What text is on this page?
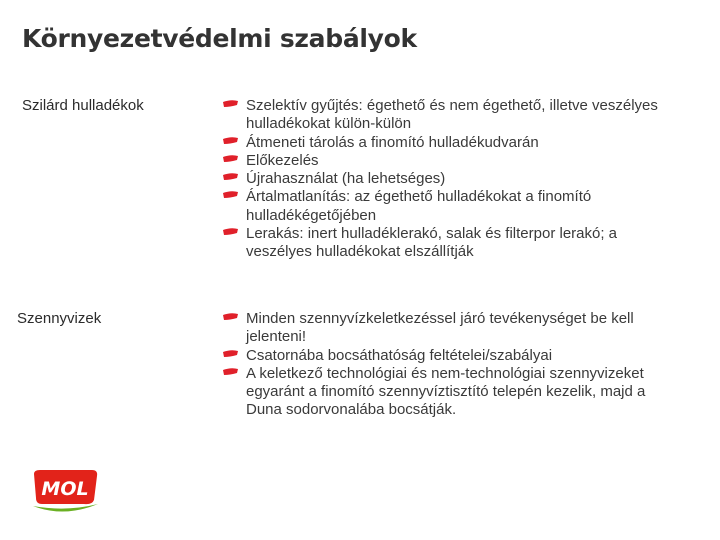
Környezetvédelmi szabályok
Szilárd hulladékok	Szelektív gyűjtés: égethető és nem égethető, illetve veszélyes hulladékokat külön-külön
Átmeneti tárolás a finomító hulladékudvarán
Előkezelés
Újrahasználat (ha lehetséges)
Ártalmatlanítás: az égethető hulladékokat a finomító hulladékégetőjében
Lerakás: inert hulladéklerakó, salak és filterpor lerakó; a veszélyes hulladékokat elszállítják
Szennyvizek	Minden szennyvízkeletkezéssel járó tevékenységet be kell jelenteni!
Csatornába bocsáthatóság feltételei/szabályai
A keletkező technológiai és nem-technológiai szennyvizeket egyaránt a finomító szennyvíztisztító telepén kezelik, majd a Duna sodorvonalába bocsátják.
MOL
